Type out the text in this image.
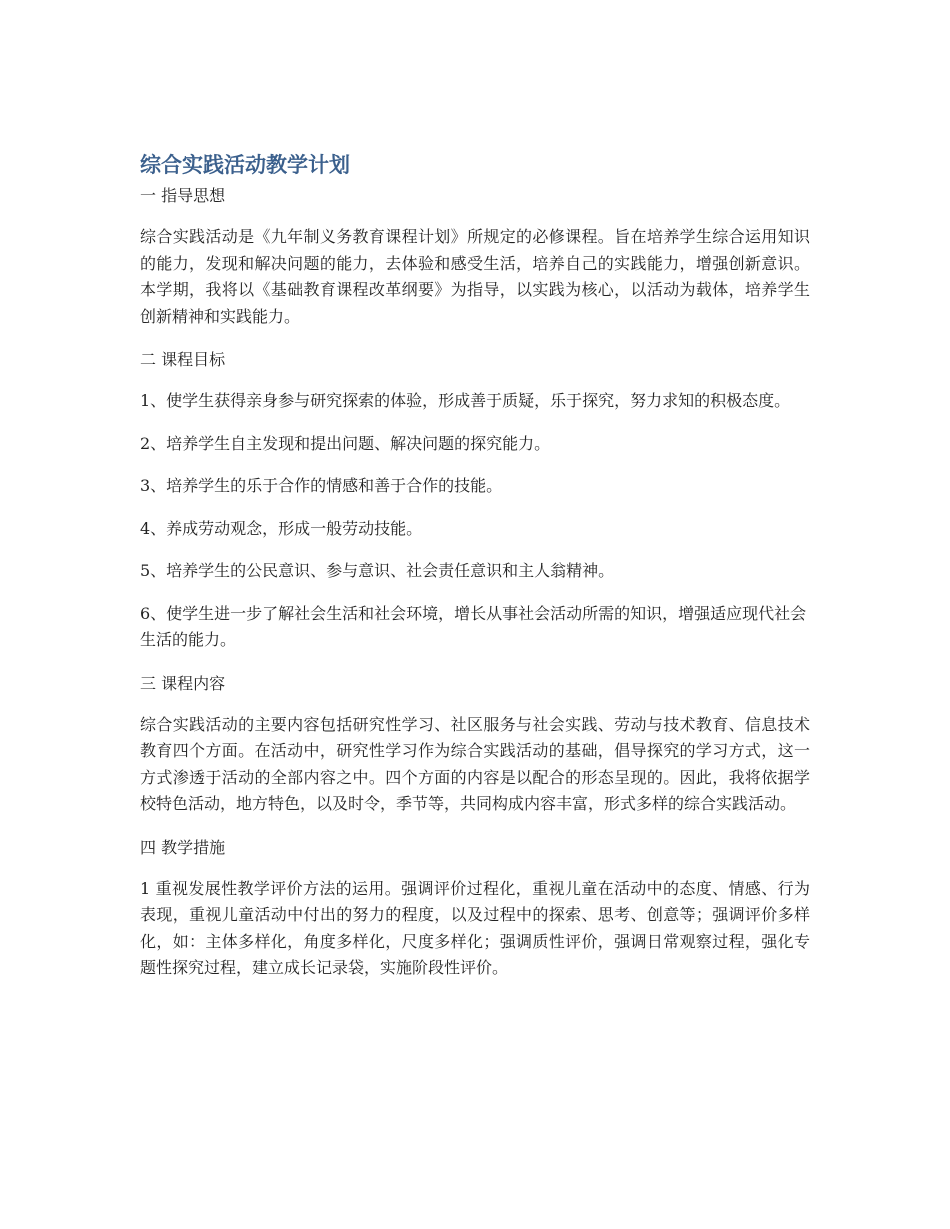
综合实践活动教学计划

一 指导思想

综合实践活动是《九年制义务教育课程计划》所规定的必修课程。旨在培养学生综合运用知识的能力，发现和解决问题的能力，去体验和感受生活，培养自己的实践能力，增强创新意识。本学期，我将以《基础教育课程改革纲要》为指导，以实践为核心，以活动为载体，培养学生创新精神和实践能力。

二 课程目标

1、使学生获得亲身参与研究探索的体验，形成善于质疑，乐于探究，努力求知的积极态度。

2、培养学生自主发现和提出问题、解决问题的探究能力。

3、培养学生的乐于合作的情感和善于合作的技能。

4、养成劳动观念，形成一般劳动技能。

5、培养学生的公民意识、参与意识、社会责任意识和主人翁精神。

6、使学生进一步了解社会生活和社会环境，增长从事社会活动所需的知识，增强适应现代社会生活的能力。

三 课程内容

综合实践活动的主要内容包括研究性学习、社区服务与社会实践、劳动与技术教育、信息技术教育四个方面。在活动中，研究性学习作为综合实践活动的基础，倡导探究的学习方式，这一方式渗透于活动的全部内容之中。四个方面的内容是以配合的形态呈现的。因此，我将依据学校特色活动，地方特色，以及时令，季节等，共同构成内容丰富，形式多样的综合实践活动。

四 教学措施

1 重视发展性教学评价方法的运用。强调评价过程化，重视儿童在活动中的态度、情感、行为表现，重视儿童活动中付出的努力的程度，以及过程中的探索、思考、创意等；强调评价多样化，如：主体多样化，角度多样化，尺度多样化；强调质性评价，强调日常观察过程，强化专题性探究过程，建立成长记录袋，实施阶段性评价。
